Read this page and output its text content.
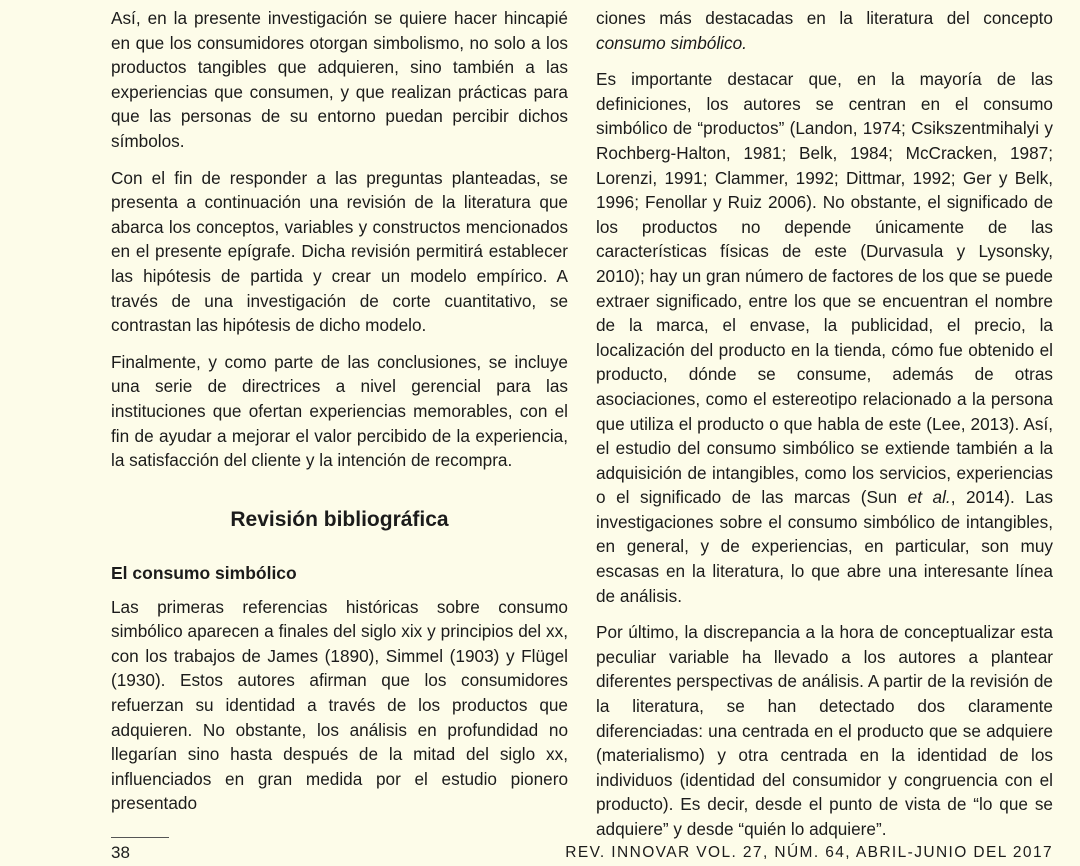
Así, en la presente investigación se quiere hacer hincapié en que los consumidores otorgan simbolismo, no solo a los productos tangibles que adquieren, sino también a las experiencias que consumen, y que realizan prácticas para que las personas de su entorno puedan percibir dichos símbolos.

Con el fin de responder a las preguntas planteadas, se presenta a continuación una revisión de la literatura que abarca los conceptos, variables y constructos mencionados en el presente epígrafe. Dicha revisión permitirá establecer las hipótesis de partida y crear un modelo empírico. A través de una investigación de corte cuantitativo, se contrastan las hipótesis de dicho modelo.

Finalmente, y como parte de las conclusiones, se incluye una serie de directrices a nivel gerencial para las instituciones que ofertan experiencias memorables, con el fin de ayudar a mejorar el valor percibido de la experiencia, la satisfacción del cliente y la intención de recompra.

Revisión bibliográfica
El consumo simbólico

Las primeras referencias históricas sobre consumo simbólico aparecen a finales del siglo xix y principios del xx, con los trabajos de James (1890), Simmel (1903) y Flügel (1930). Estos autores afirman que los consumidores refuerzan su identidad a través de los productos que adquieren. No obstante, los análisis en profundidad no llegarían sino hasta después de la mitad del siglo xx, influenciados en gran medida por el estudio pionero presentado

ciones más destacadas en la literatura del concepto consumo simbólico.

Es importante destacar que, en la mayoría de las definiciones, los autores se centran en el consumo simbólico de “productos” (Landon, 1974; Csikszentmihalyi y Rochberg-Halton, 1981; Belk, 1984; McCracken, 1987; Lorenzi, 1991; Clammer, 1992; Dittmar, 1992; Ger y Belk, 1996; Fenollar y Ruiz 2006). No obstante, el significado de los productos no depende únicamente de las características físicas de este (Durvasula y Lysonsky, 2010); hay un gran número de factores de los que se puede extraer significado, entre los que se encuentran el nombre de la marca, el envase, la publicidad, el precio, la localización del producto en la tienda, cómo fue obtenido el producto, dónde se consume, además de otras asociaciones, como el estereotipo relacionado a la persona que utiliza el producto o que habla de este (Lee, 2013). Así, el estudio del consumo simbólico se extiende también a la adquisición de intangibles, como los servicios, experiencias o el significado de las marcas (Sun et al., 2014). Las investigaciones sobre el consumo simbólico de intangibles, en general, y de experiencias, en particular, son muy escasas en la literatura, lo que abre una interesante línea de análisis.

Por último, la discrepancia a la hora de conceptualizar esta peculiar variable ha llevado a los autores a plantear diferentes perspectivas de análisis. A partir de la revisión de la literatura, se han detectado dos claramente diferenciadas: una centrada en el producto que se adquiere (materialismo) y otra centrada en la identidad de los individuos (identidad del consumidor y congruencia con el producto). Es decir, desde el punto de vista de “lo que se adquiere” y desde “quién lo adquiere”.

38	REV. INNOVAR VOL. 27, NÚM. 64, ABRIL-JUNIO DEL 2017
